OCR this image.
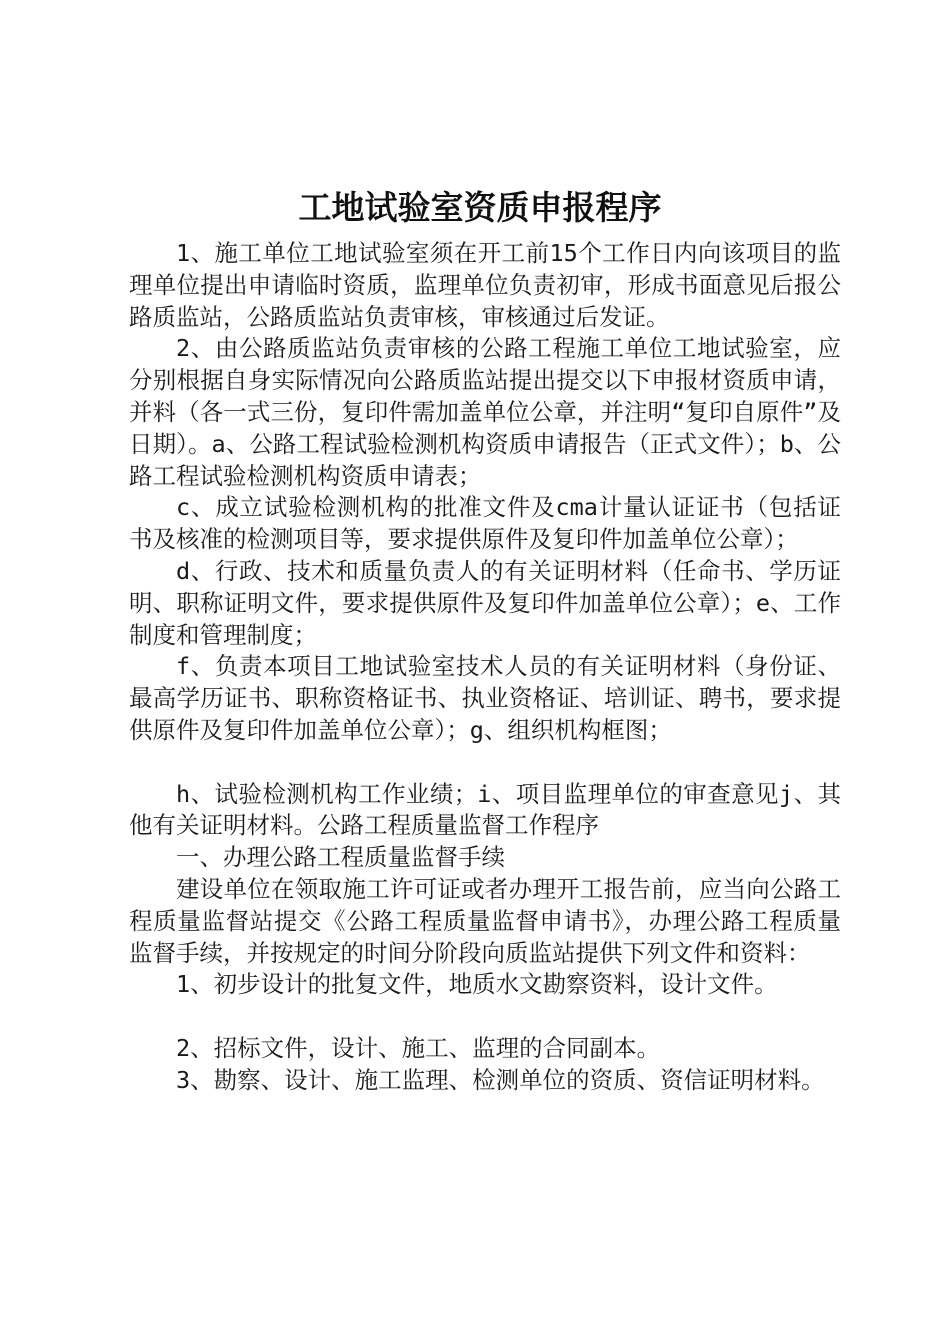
工地试验室资质申报程序

1、施工单位工地试验室须在开工前15个工作日内向该项目的监理单位提出申请临时资质，监理单位负责初审，形成书面意见后报公路质监站，公路质监站负责审核，审核通过后发证。

2、由公路质监站负责审核的公路工程施工单位工地试验室，应分别根据自身实际情况向公路质监站提出提交以下申报材资质申请，并料（各一式三份，复印件需加盖单位公章，并注明“复印自原件”及日期）。a、公路工程试验检测机构资质申请报告（正式文件）；b、公路工程试验检测机构资质申请表；

c、成立试验检测机构的批准文件及cma计量认证证书（包括证书及核准的检测项目等，要求提供原件及复印件加盖单位公章）；

d、行政、技术和质量负责人的有关证明材料（任命书、学历证明、职称证明文件，要求提供原件及复印件加盖单位公章）；e、工作制度和管理制度；

f、负责本项目工地试验室技术人员的有关证明材料（身份证、最高学历证书、职称资格证书、执业资格证、培训证、聘书，要求提供原件及复印件加盖单位公章）；g、组织机构框图；

h、试验检测机构工作业绩；i、项目监理单位的审查意见j、其他有关证明材料。公路工程质量监督工作程序

一、办理公路工程质量监督手续

建设单位在领取施工许可证或者办理开工报告前，应当向公路工程质量监督站提交《公路工程质量监督申请书》，办理公路工程质量监督手续，并按规定的时间分阶段向质监站提供下列文件和资料：

1、初步设计的批复文件，地质水文勘察资料，设计文件。

2、招标文件，设计、施工、监理的合同副本。

3、勘察、设计、施工监理、检测单位的资质、资信证明材料。
